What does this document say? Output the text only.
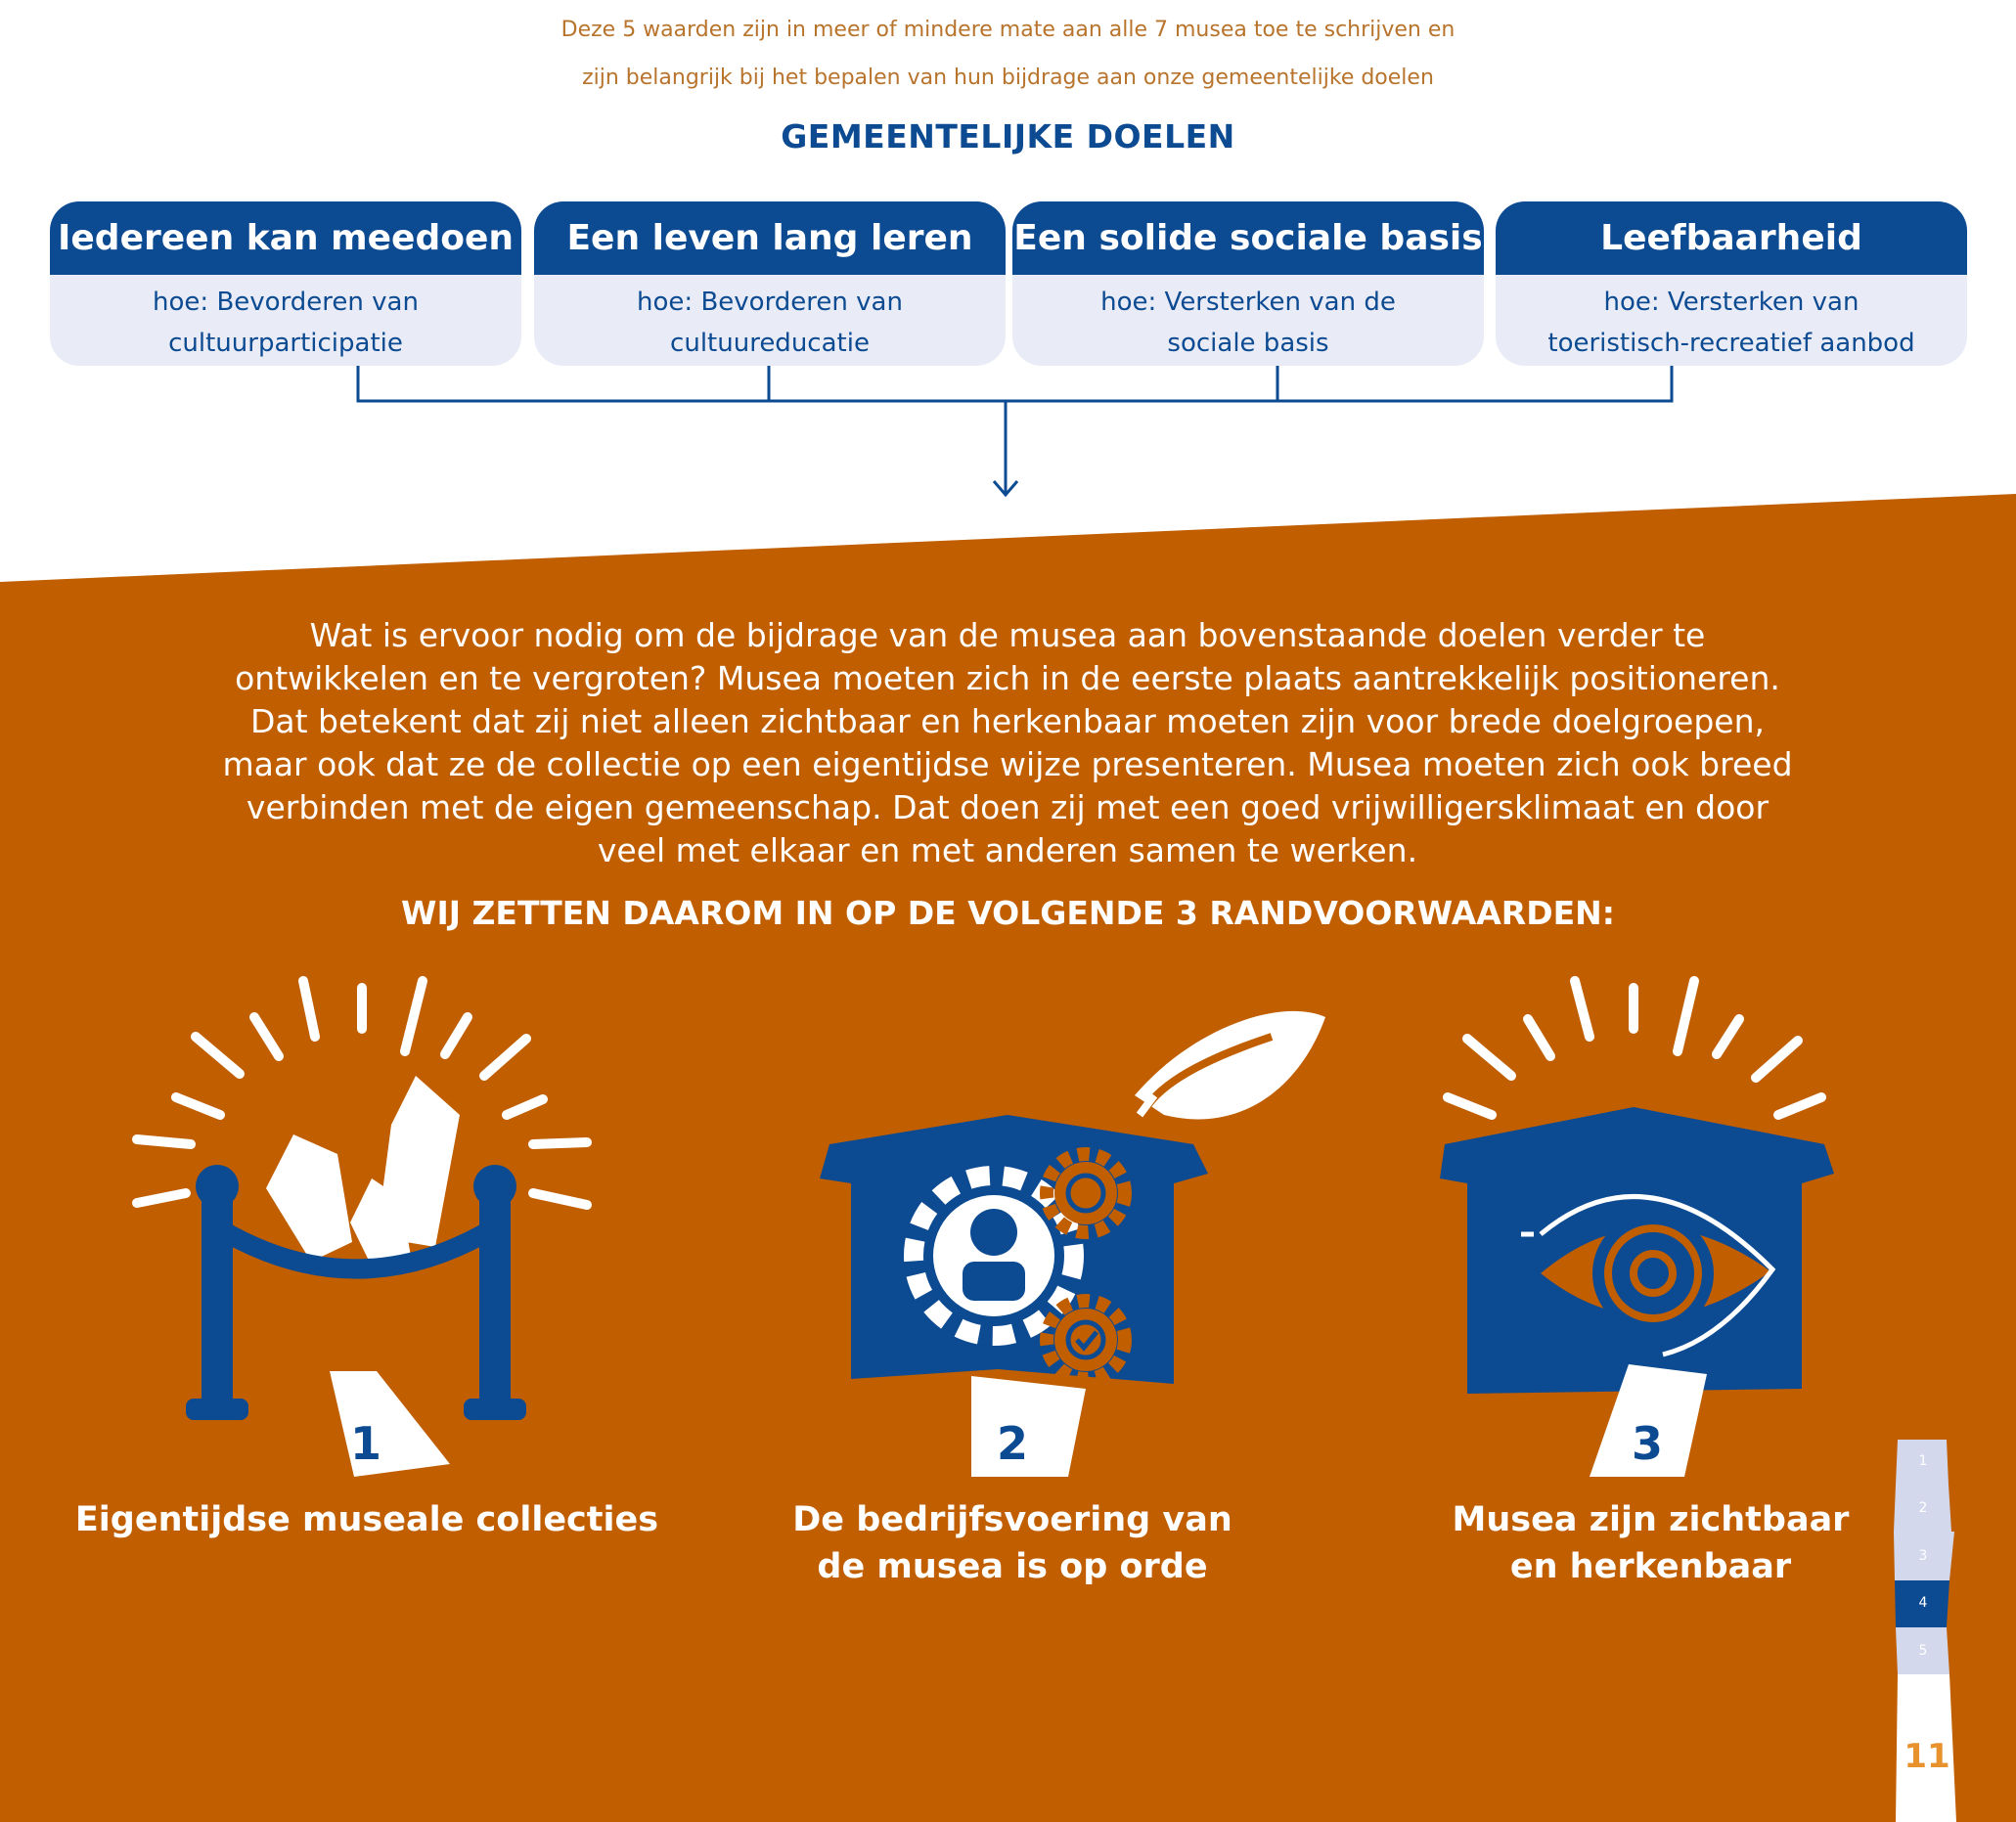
Deze 5 waarden zijn in meer of mindere mate aan alle 7 musea toe te schrijven en
zijn belangrijk bij het bepalen van hun bijdrage aan onze gemeentelijke doelen
GEMEENTELIJKE DOELEN
Iedereen kan meedoen
hoe: Bevorderen van
cultuurparticipatie
Een leven lang leren
hoe: Bevorderen van
cultuureducatie
Een solide sociale basis
hoe: Versterken van de
sociale basis
Leefbaarheid
hoe: Versterken van
toeristisch-recreatief aanbod
Wat is ervoor nodig om de bijdrage van de musea aan bovenstaande doelen verder te ontwikkelen en te vergroten? Musea moeten zich in de eerste plaats aantrekkelijk positioneren. Dat betekent dat zij niet alleen zichtbaar en herkenbaar moeten zijn voor brede doelgroepen, maar ook dat ze de collectie op een eigentijdse wijze presenteren. Musea moeten zich ook breed verbinden met de eigen gemeenschap. Dat doen zij met een goed vrijwilligersklimaat en door veel met elkaar en met anderen samen te werken.
WIJ ZETTEN DAAROM IN OP DE VOLGENDE 3 RANDVOORWAARDEN:
1	2	3	1
2
3
4
5
Eigentijdse museale collecties	De bedrijfsvoering van
de musea is op orde
Musea zijn zichtbaar
en herkenbaar
11
